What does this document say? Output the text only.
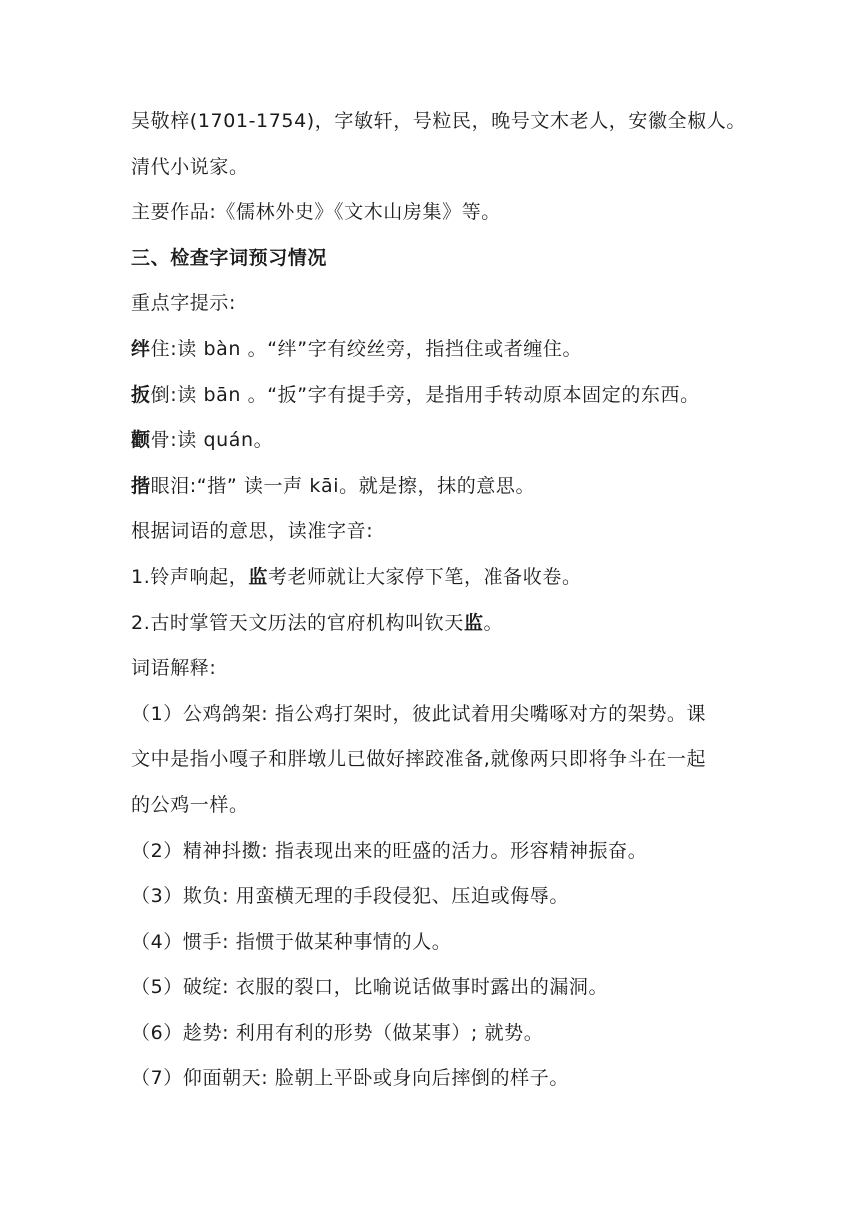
吴敬梓(1701-1754)，字敏轩，号粒民，晚号文木老人，安徽全椒人。
清代小说家。
主要作品:《儒林外史》《文木山房集》等。
三、检查字词预习情况
重点字提示:
绊住:读 bàn 。“绊”字有绞丝旁，指挡住或者缠住。
扳倒:读 bān 。“扳”字有提手旁，是指用手转动原本固定的东西。
颧骨:读 quán。
揩眼泪:“揩” 读一声 kāi。就是擦，抹的意思。
根据词语的意思，读准字音:
1.铃声响起，监考老师就让大家停下笔，准备收卷。
2.古时掌管天文历法的官府机构叫钦天监。
词语解释:
（1）公鸡鸽架: 指公鸡打架时，彼此试着用尖嘴啄对方的架势。课
文中是指小嘎子和胖墩儿已做好摔跤准备,就像两只即将争斗在一起
的公鸡一样。
（2）精神抖擞: 指表现出来的旺盛的活力。形容精神振奋。
（3）欺负: 用蛮横无理的手段侵犯、压迫或侮辱。
（4）惯手: 指惯于做某种事情的人。
（5）破绽: 衣服的裂口，比喻说话做事时露出的漏洞。
（6）趁势: 利用有利的形势（做某事）; 就势。
（7）仰面朝天: 脸朝上平卧或身向后摔倒的样子。
